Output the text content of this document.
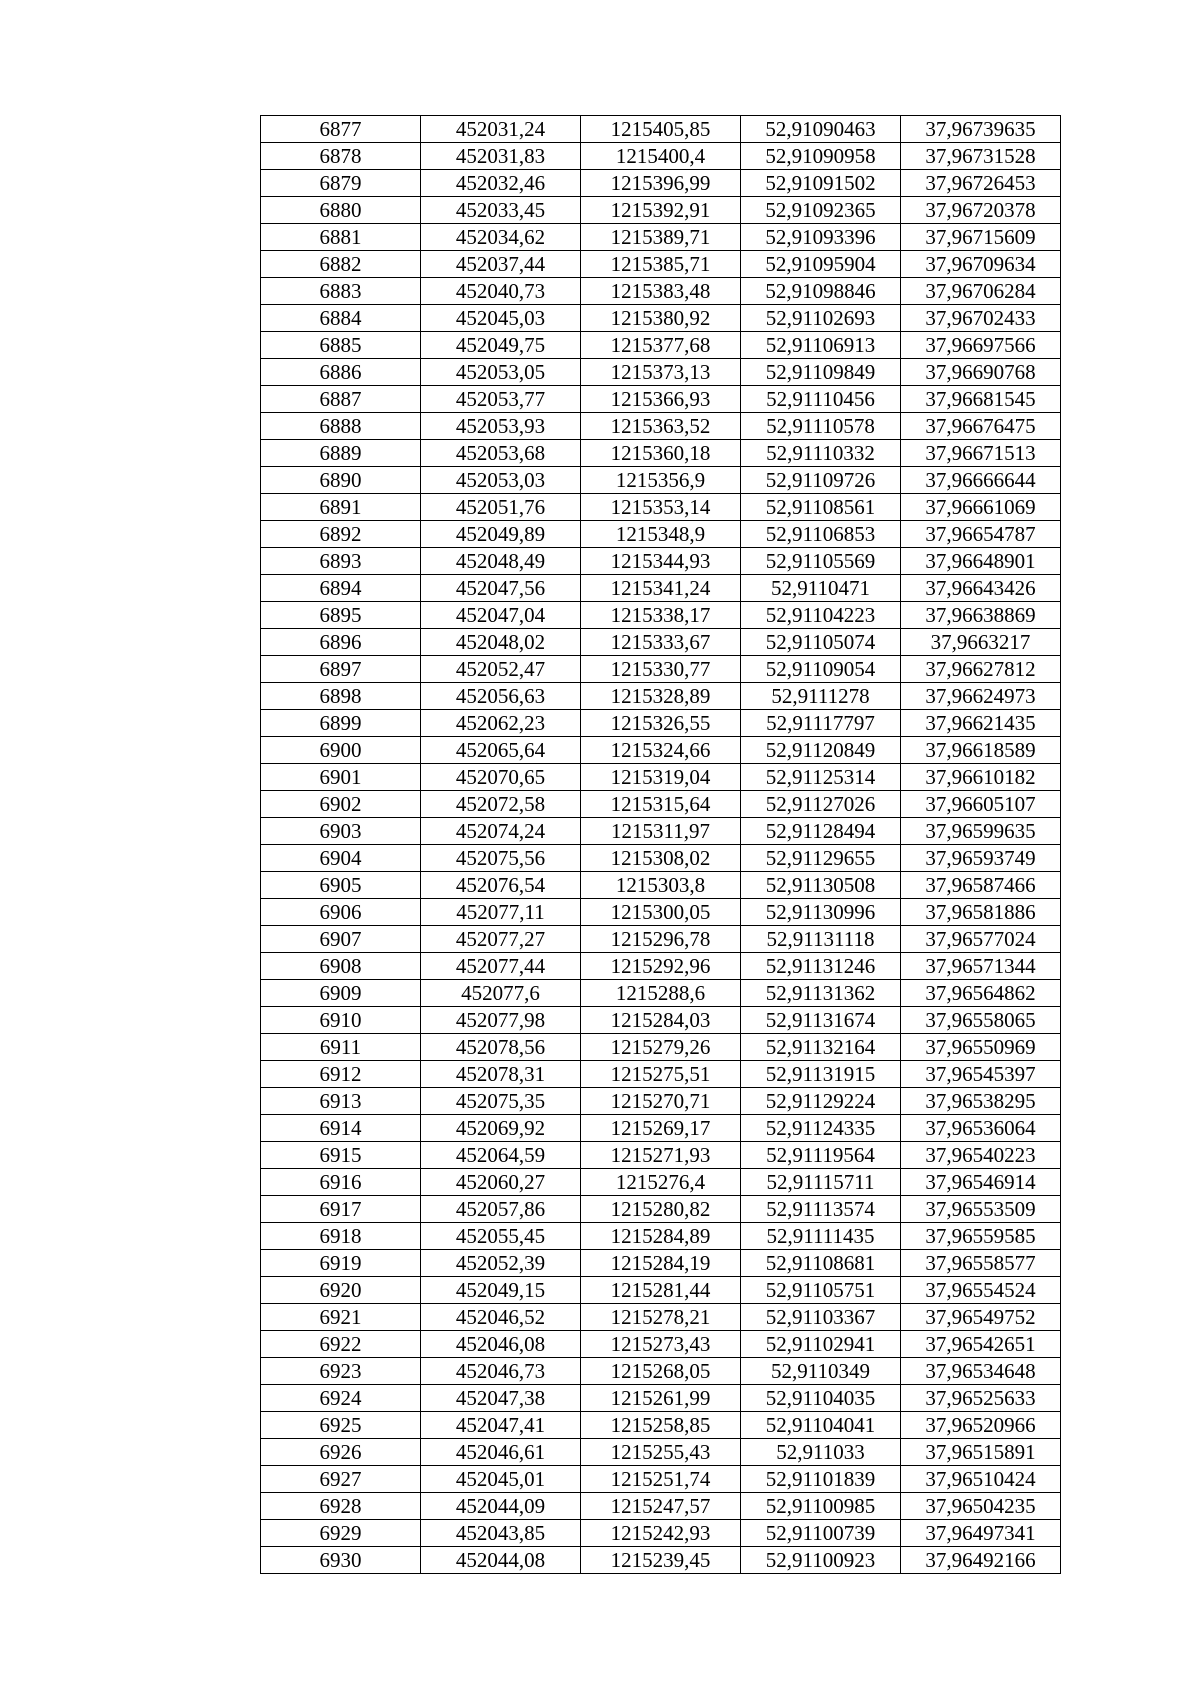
6877	452031,24	1215405,85	52,91090463	37,96739635
6878	452031,83	1215400,4	52,91090958	37,96731528
6879	452032,46	1215396,99	52,91091502	37,96726453
6880	452033,45	1215392,91	52,91092365	37,96720378
6881	452034,62	1215389,71	52,91093396	37,96715609
6882	452037,44	1215385,71	52,91095904	37,96709634
6883	452040,73	1215383,48	52,91098846	37,96706284
6884	452045,03	1215380,92	52,91102693	37,96702433
6885	452049,75	1215377,68	52,91106913	37,96697566
6886	452053,05	1215373,13	52,91109849	37,96690768
6887	452053,77	1215366,93	52,91110456	37,96681545
6888	452053,93	1215363,52	52,91110578	37,96676475
6889	452053,68	1215360,18	52,91110332	37,96671513
6890	452053,03	1215356,9	52,91109726	37,96666644
6891	452051,76	1215353,14	52,91108561	37,96661069
6892	452049,89	1215348,9	52,91106853	37,96654787
6893	452048,49	1215344,93	52,91105569	37,96648901
6894	452047,56	1215341,24	52,9110471	37,96643426
6895	452047,04	1215338,17	52,91104223	37,96638869
6896	452048,02	1215333,67	52,91105074	37,9663217
6897	452052,47	1215330,77	52,91109054	37,96627812
6898	452056,63	1215328,89	52,9111278	37,96624973
6899	452062,23	1215326,55	52,91117797	37,96621435
6900	452065,64	1215324,66	52,91120849	37,96618589
6901	452070,65	1215319,04	52,91125314	37,96610182
6902	452072,58	1215315,64	52,91127026	37,96605107
6903	452074,24	1215311,97	52,91128494	37,96599635
6904	452075,56	1215308,02	52,91129655	37,96593749
6905	452076,54	1215303,8	52,91130508	37,96587466
6906	452077,11	1215300,05	52,91130996	37,96581886
6907	452077,27	1215296,78	52,91131118	37,96577024
6908	452077,44	1215292,96	52,91131246	37,96571344
6909	452077,6	1215288,6	52,91131362	37,96564862
6910	452077,98	1215284,03	52,91131674	37,96558065
6911	452078,56	1215279,26	52,91132164	37,96550969
6912	452078,31	1215275,51	52,91131915	37,96545397
6913	452075,35	1215270,71	52,91129224	37,96538295
6914	452069,92	1215269,17	52,91124335	37,96536064
6915	452064,59	1215271,93	52,91119564	37,96540223
6916	452060,27	1215276,4	52,91115711	37,96546914
6917	452057,86	1215280,82	52,91113574	37,96553509
6918	452055,45	1215284,89	52,91111435	37,96559585
6919	452052,39	1215284,19	52,91108681	37,96558577
6920	452049,15	1215281,44	52,91105751	37,96554524
6921	452046,52	1215278,21	52,91103367	37,96549752
6922	452046,08	1215273,43	52,91102941	37,96542651
6923	452046,73	1215268,05	52,9110349	37,96534648
6924	452047,38	1215261,99	52,91104035	37,96525633
6925	452047,41	1215258,85	52,91104041	37,96520966
6926	452046,61	1215255,43	52,911033	37,96515891
6927	452045,01	1215251,74	52,91101839	37,96510424
6928	452044,09	1215247,57	52,91100985	37,96504235
6929	452043,85	1215242,93	52,91100739	37,96497341
6930	452044,08	1215239,45	52,91100923	37,96492166
